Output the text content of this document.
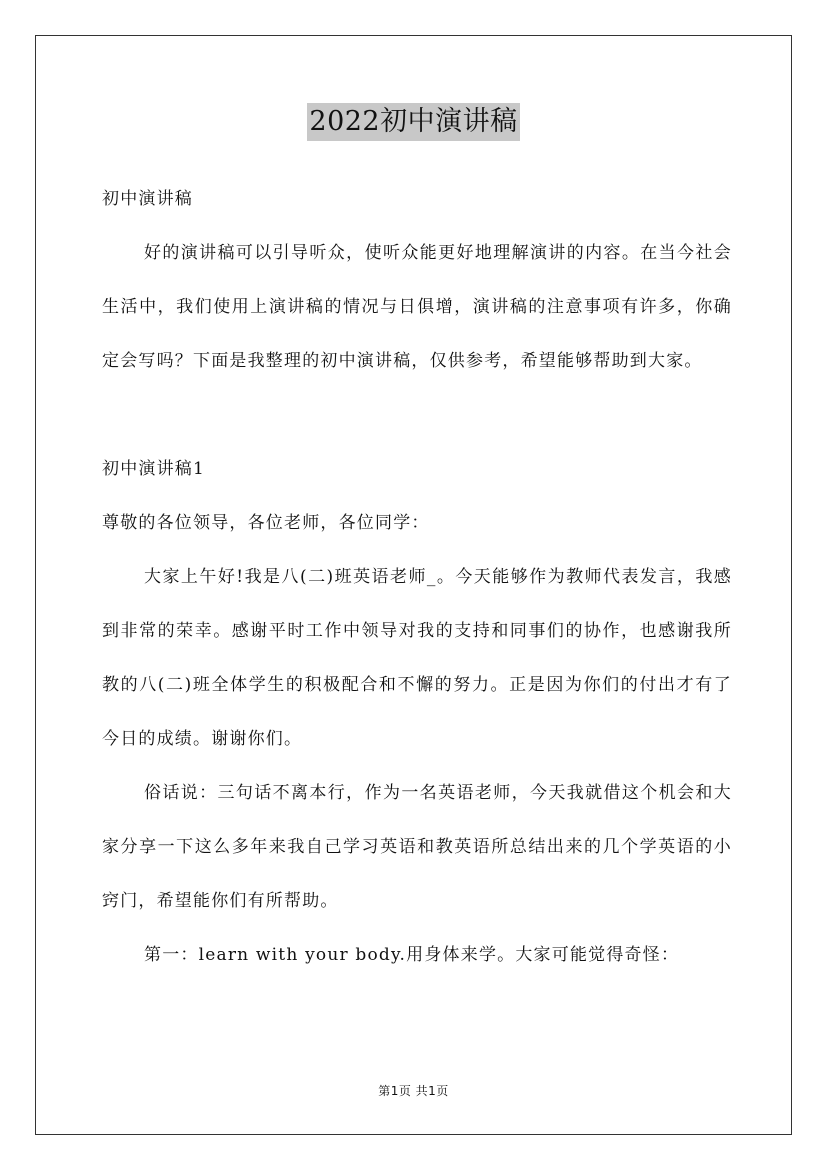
2022初中演讲稿

初中演讲稿

好的演讲稿可以引导听众，使听众能更好地理解演讲的内容。在当今社会生活中，我们使用上演讲稿的情况与日俱增，演讲稿的注意事项有许多，你确定会写吗？下面是我整理的初中演讲稿，仅供参考，希望能够帮助到大家。

初中演讲稿1

尊敬的各位领导，各位老师，各位同学：

大家上午好!我是八(二)班英语老师_。今天能够作为教师代表发言，我感到非常的荣幸。感谢平时工作中领导对我的支持和同事们的协作，也感谢我所教的八(二)班全体学生的积极配合和不懈的努力。正是因为你们的付出才有了今日的成绩。谢谢你们。

俗话说：三句话不离本行，作为一名英语老师，今天我就借这个机会和大家分享一下这么多年来我自己学习英语和教英语所总结出来的几个学英语的小窍门，希望能你们有所帮助。

第一：learn with your body.用身体来学。大家可能觉得奇怪：

第1页 共1页
